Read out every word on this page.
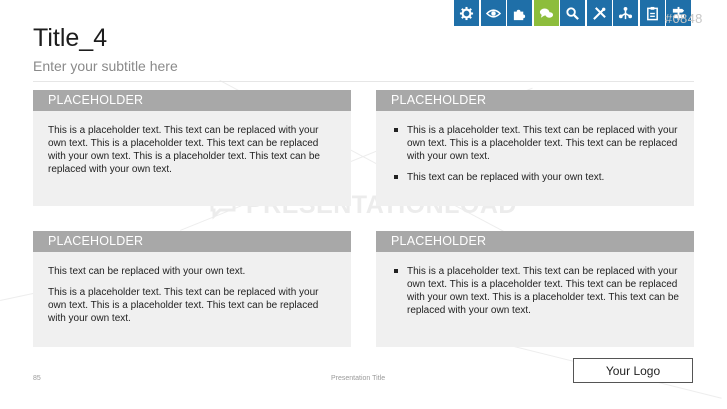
#0848
Title_4
Enter your subtitle here
PLACEHOLDER

This is a placeholder text. This text can be replaced with your own text. This is a placeholder text. This text can be replaced with your own text. This is a placeholder text. This text can be replaced with your own text.

PLACEHOLDER
This is a placeholder text. This text can be replaced with your own text. This is a placeholder text. This text can be replaced with your own text.
This text can be replaced with your own text.
PLACEHOLDER

This text can be replaced with your own text.

This is a placeholder text. This text can be replaced with your own text. This is a placeholder text. This text can be replaced with your own text.

PLACEHOLDER
This is a placeholder text. This text can be replaced with your own text. This is a placeholder text. This text can be replaced with your own text. This is a placeholder text. This text can be replaced with your own text.
85	Presentation Title
Your Logo
